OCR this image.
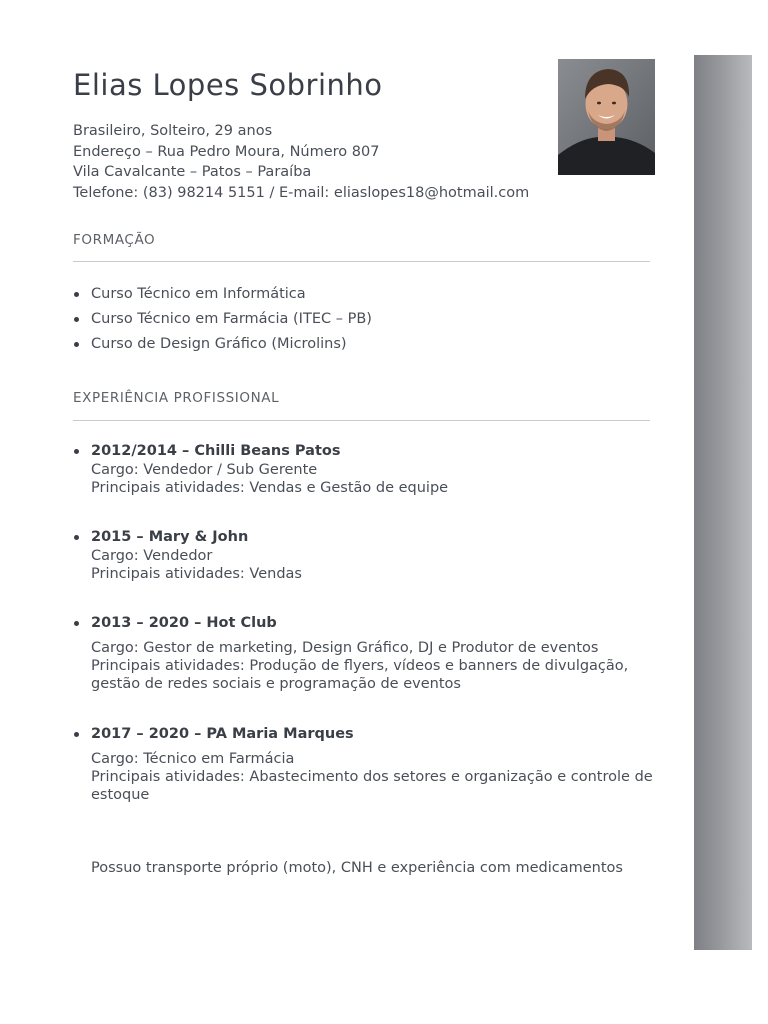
Elias Lopes Sobrinho
Brasileiro, Solteiro, 29 anos
Endereço – Rua Pedro Moura, Número 807
Vila Cavalcante – Patos – Paraíba
Telefone: (83) 98214 5151 / E-mail: eliaslopes18@hotmail.com
FORMAÇÃO
Curso Técnico em Informática
Curso Técnico em Farmácia (ITEC – PB)
Curso de Design Gráfico (Microlins)
EXPERIÊNCIA PROFISSIONAL
2012/2014 – Chilli Beans Patos
Cargo: Vendedor / Sub Gerente
Principais atividades: Vendas e Gestão de equipe
2015 – Mary & John
Cargo: Vendedor
Principais atividades: Vendas
2013 – 2020 – Hot Club
Cargo: Gestor de marketing, Design Gráfico, DJ e Produtor de eventos
Principais atividades: Produção de flyers, vídeos e banners de divulgação, gestão de redes sociais e programação de eventos
2017 – 2020 – PA Maria Marques
Cargo: Técnico em Farmácia
Principais atividades: Abastecimento dos setores e organização e controle de estoque
Possuo transporte próprio (moto), CNH e experiência com medicamentos
